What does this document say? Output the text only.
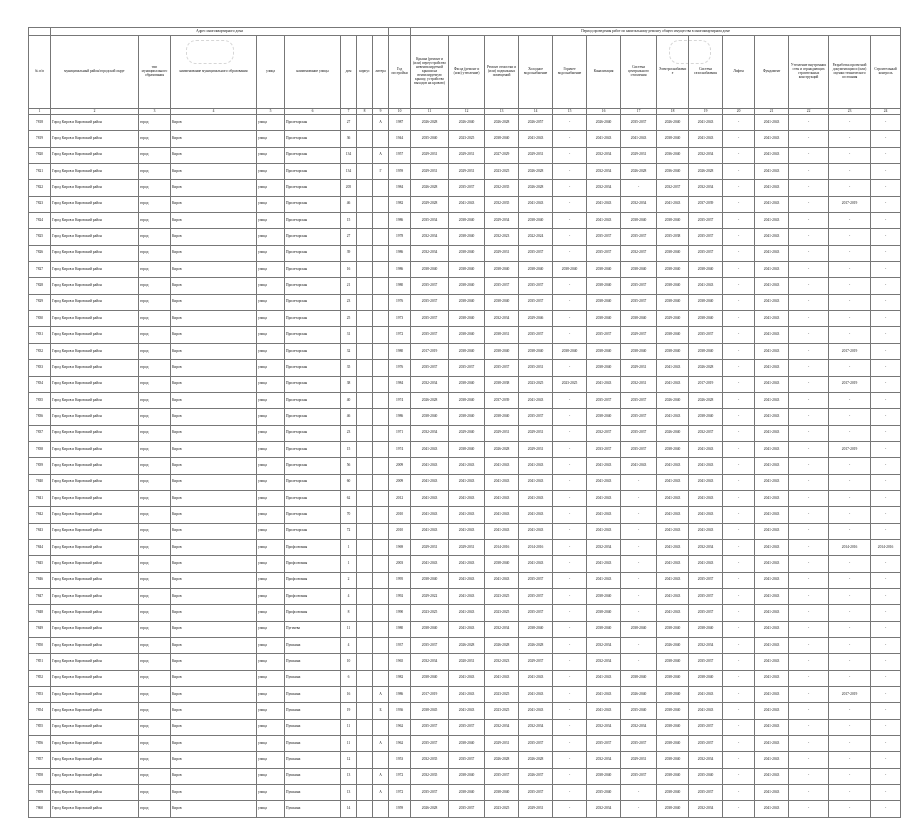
	Адрес многоквартирного дома									Период проведения работ по капитальному ремонту общего имущества в многоквартирном доме													
№ п/п	муниципальный район/городской округ	тип муниципального образования	наименование муниципального образования	улица	наименование улицы	дом	корпус	литера	Год постройки	Крыша (ремонт и (или) переустройство невентилируемой крыши на вентилируемую крышу, устройство выходов на кровлю)	Фасад (ремонт и (или) утепление)	Ремонт отмостки и (или) подвальных помещений	Холодное водоснабжение	Горячее водоснабжение	Канализация	Система центрального отопления	Электроснабжение	Система газоснабжения	Лифты	Фундамент	Утепление внутренних стен и ограждающих строительных конструкций	Разработка проектной документации и (или) оценки технического состояния	Строительный контроль
1	2	3	4	5	6	7	8	9	10	11	12	13	14	15	16	17	18	19	20	21	22	23	24
7818	Город Киров и Кировский район	город	Киров	улица	Пролетарская	27		А	1987	2026-2028	2026-2040	2026-2028	2026-2057	-	2026-2040	2035-2037	2026-2040	2041-2043	-	2041-2043	-	-	-
7819	Город Киров и Кировский район	город	Киров	улица	Пролетарская	36			1944	2035-2040	2023-2025	2038-2040	2041-2043	-	2041-2043	2041-2043	2038-2040	2041-2043	-	2041-2043	-	-	-
7820	Город Киров и Кировский район	город	Киров	улица	Пролетарская	134		А	1957	2029-2031	2029-2031	2027-2029	2029-2031	-	2032-2034	2029-2031	2036-2040	2032-2034	-	2041-2043	-	-	-
7821	Город Киров и Кировский район	город	Киров	улица	Пролетарская	134		Г	1959	2029-2031	2029-2031	2023-2025	2026-2028	-	2032-2034	2026-2028	2036-2040	2026-2028	-	2041-2043	-	-	-
7822	Город Киров и Кировский район	город	Киров	улица	Пролетарская	205			1984	2026-2028	2035-2037	2032-2035	2026-2028	-	2032-2034	-	2032-2037	2032-2034	-	2041-2043	-	-	-
7823	Город Киров и Кировский район	город	Киров	улица	Пролетарская	46			1982	2029-2028	2041-2043	2032-2035	2041-2043	-	2041-2043	2032-2034	2041-2043	2037-2039	-	2041-2043	-	2017-2019	-
7824	Город Киров и Кировский район	город	Киров	улица	Пролетарская	15			1986	2035-2034	2038-2040	2029-2034	2038-2040	-	2041-2043	2038-2040	2038-2040	2035-2037	-	2041-2043	-	-	-
7825	Город Киров и Кировский район	город	Киров	улица	Пролетарская	27			1978	2032-2034	2038-2040	2032-2023	2022-2024	-	2035-2037	2035-2037	2035-2038	2035-2037	-	2041-2043	-	-	-
7826	Город Киров и Кировский район	город	Киров	улица	Пролетарская	39			1986	2032-2034	2038-2040	2029-2031	2035-2037	-	2035-2037	2032-2037	2038-2040	2035-2037	-	2041-2043	-	-	-
7827	Город Киров и Кировский район	город	Киров	улица	Пролетарская	16			1986	2038-2040	2038-2040	2038-2040	2038-2040	2038-2040	2038-2040	2038-2040	2038-2040	2038-2040	-	2041-2043	-	-	-
7828	Город Киров и Кировский район	город	Киров	улица	Пролетарская	21			1980	2035-2037	2038-2040	2035-2037	2035-2037	-	2038-2040	2035-2037	2038-2040	2041-2043	-	2041-2043	-	-	-
7829	Город Киров и Кировский район	город	Киров	улица	Пролетарская	23			1976	2035-2037	2038-2040	2038-2040	2035-2037	-	2038-2040	2035-2037	2038-2040	2038-2040	-	2041-2043	-	-	-
7830	Город Киров и Кировский район	город	Киров	улица	Пролетарская	25			1973	2035-2037	2038-2040	2032-2034	2029-2046	-	2038-2040	2038-2040	2029-2040	2038-2040	-	2041-2043	-	-	-
7831	Город Киров и Кировский район	город	Киров	улица	Пролетарская	31			1972	2035-2037	2038-2040	2038-2031	2035-2037	-	2035-2037	2029-2037	2038-2040	2035-2037	-	2041-2043	-	-	-
7832	Город Киров и Кировский район	город	Киров	улица	Пролетарская	32			1980	2017-2019	2038-2040	2038-2040	2038-2040	2038-2040	2038-2040	2038-2040	2038-2040	2038-2040	-	2041-2043	-	2017-2019	-
7833	Город Киров и Кировский район	город	Киров	улица	Пролетарская	35			1976	2035-2037	2035-2037	2035-2037	2035-2031	-	2038-2040	2029-2031	2041-2043	2026-2028	-	2041-2043	-	-	-
7834	Город Киров и Кировский район	город	Киров	улица	Пролетарская	38			1984	2032-2034	2038-2040	2038-2038	2023-2025	2023-2025	2041-2043	2032-2031	2041-2043	2017-2019	-	2041-2043	-	2017-2019	-
7835	Город Киров и Кировский район	город	Киров	улица	Пролетарская	40			1974	2026-2028	2038-2040	2037-2039	2041-2043	-	2035-2037	2035-2037	2026-2040	2026-2028	-	2041-2043	-	-	-
7836	Город Киров и Кировский район	город	Киров	улица	Пролетарская	46			1986	2038-2040	2038-2040	2038-2040	2035-2037	-	2038-2040	2035-2037	2041-2043	2038-2040	-	2041-2043	-	-	-
7837	Город Киров и Кировский район	город	Киров	улица	Пролетарская	23			1971	2032-2034	2029-2040	2029-2031	2029-2031	-	2032-2037	2035-2037	2026-2040	2032-2037	-	2041-2043	-	-	-
7838	Город Киров и Кировский район	город	Киров	улица	Пролетарская	15			1974	2041-2043	2038-2040	2026-2028	2029-2031	-	2033-2037	2035-2037	2038-2040	2041-2043	-	2041-2043	-	2017-2019	-
7839	Город Киров и Кировский район	город	Киров	улица	Пролетарская	56			2009	2041-2043	2041-2043	2041-2043	2041-2043	-	2041-2043	2041-2043	2041-2043	2041-2043	-	2041-2043	-	-	-
7840	Город Киров и Кировский район	город	Киров	улица	Пролетарская	60			2009	2041-2043	2041-2043	2041-2043	2041-2043	-	2041-2043	-	2041-2043	2041-2043	-	2041-2043	-	-	-
7841	Город Киров и Кировский район	город	Киров	улица	Пролетарская	62			2012	2041-2043	2041-2043	2041-2043	2041-2043	-	2041-2043	-	2041-2043	2041-2043	-	2041-2043	-	-	-
7842	Город Киров и Кировский район	город	Киров	улица	Пролетарская	70			2010	2041-2043	2041-2043	2041-2043	2041-2043	-	2041-2043	-	2041-2043	2041-2043	-	2041-2043	-	-	-
7843	Город Киров и Кировский район	город	Киров	улица	Пролетарская	72			2010	2041-2043	2041-2043	2041-2043	2041-2043	-	2041-2043	-	2041-2043	2041-2043	-	2041-2043	-	-	-
7844	Город Киров и Кировский район	город	Киров	улица	Профсоюзная	1			1969	2029-2031	2029-2031	2014-2016	2014-2016	-	2032-2034	-	2041-2043	2032-2034	-	2041-2043	-	2014-2016	2014-2016
7845	Город Киров и Кировский район	город	Киров	улица	Профсоюзная	1			2003	2041-2043	2041-2043	2038-2040	2041-2043	-	2041-2043	-	2041-2043	2041-2043	-	2041-2043	-	-	-
7846	Город Киров и Кировский район	город	Киров	улица	Профсоюзная	2			1995	2038-2040	2041-2043	2041-2043	2035-2037	-	2041-2043	-	2041-2043	2035-2037	-	2041-2043	-	-	-
7847	Город Киров и Кировский район	город	Киров	улица	Профсоюзная	4			1992	2029-2022	2041-2043	2023-2025	2035-2037	-	2038-2040	-	2041-2043	2035-2037	-	2041-2043	-	-	-
7848	Город Киров и Кировский район	город	Киров	улица	Профсоюзная	8			1990	2023-2025	2041-2043	2023-2025	2035-2037	-	2038-2040	-	2041-2043	2035-2037	-	2041-2043	-	-	-
7849	Город Киров и Кировский район	город	Киров	улица	Пугачева	11			1980	2038-2040	2041-2043	2032-2034	2038-2040	-	2038-2040	2038-2040	2038-2040	2038-2040	-	2041-2043	-	-	-
7850	Город Киров и Кировский район	город	Киров	улица	Пушкина	4			1937	2035-2037	2026-2028	2026-2028	2026-2028	-	2032-2034	-	2026-2040	2032-2034	-	2041-2043	-	-	-
7851	Город Киров и Кировский район	город	Киров	улица	Пушкина	10			1965	2032-2034	2020-2031	2032-2023	2029-2037	-	2032-2034	-	2038-2040	2035-2037	-	2041-2043	-	-	-
7852	Город Киров и Кировский район	город	Киров	улица	Пушкина	6			1982	2038-2040	2041-2043	2041-2043	2041-2043	-	2041-2043	2038-2040	2038-2040	2038-2040	-	2041-2043	-	-	-
7853	Город Киров и Кировский район	город	Киров	улица	Пушкина	16		А	1986	2017-2019	2041-2043	2023-2025	2041-2043	-	2041-2043	2026-2040	2038-2040	2041-2043	-	2041-2043	-	2017-2019	-
7854	Город Киров и Кировский район	город	Киров	улица	Пушкина	19		Б	1936	2038-2045	2041-2043	2023-2025	2041-2043	-	2041-2043	2035-2040	2038-2040	2041-2043	-	2041-2043	-	-	-
7855	Город Киров и Кировский район	город	Киров	улица	Пушкина	11			1962	2035-2037	2035-2037	2032-2034	2032-2034	-	2032-2034	2032-2034	2038-2040	2035-2037	-	2041-2043	-	-	-
7856	Город Киров и Кировский район	город	Киров	улица	Пушкина	11		А	1962	2035-2037	2038-2040	2029-2031	2035-2037	-	2035-2037	2035-2037	2038-2040	2035-2037	-	2041-2043	-	-	-
7857	Город Киров и Кировский район	город	Киров	улица	Пушкина	12			1953	2032-2035	2035-2037	2026-2028	2026-2028	-	2032-2034	2029-2031	2038-2040	2032-2034	-	2041-2043	-	-	-
7858	Город Киров и Кировский район	город	Киров	улица	Пушкина	13		А	1972	2032-2035	2038-2040	2035-2037	2026-2037	-	2038-2040	2035-2037	2038-2040	2035-2040	-	2041-2043	-	-	-
7859	Город Киров и Кировский район	город	Киров	улица	Пушкина	13		А	1972	2035-2037	2038-2040	2038-2040	2035-2037	-	2035-2040	-	2038-2040	2035-2037	-	2041-2043	-	-	-
7860	Город Киров и Кировский район	город	Киров	улица	Пушкина	14			1959	2026-2028	2035-2037	2023-2025	2029-2031	-	2032-2034	-	2038-2040	2032-2034	-	2041-2043	-	-	-
